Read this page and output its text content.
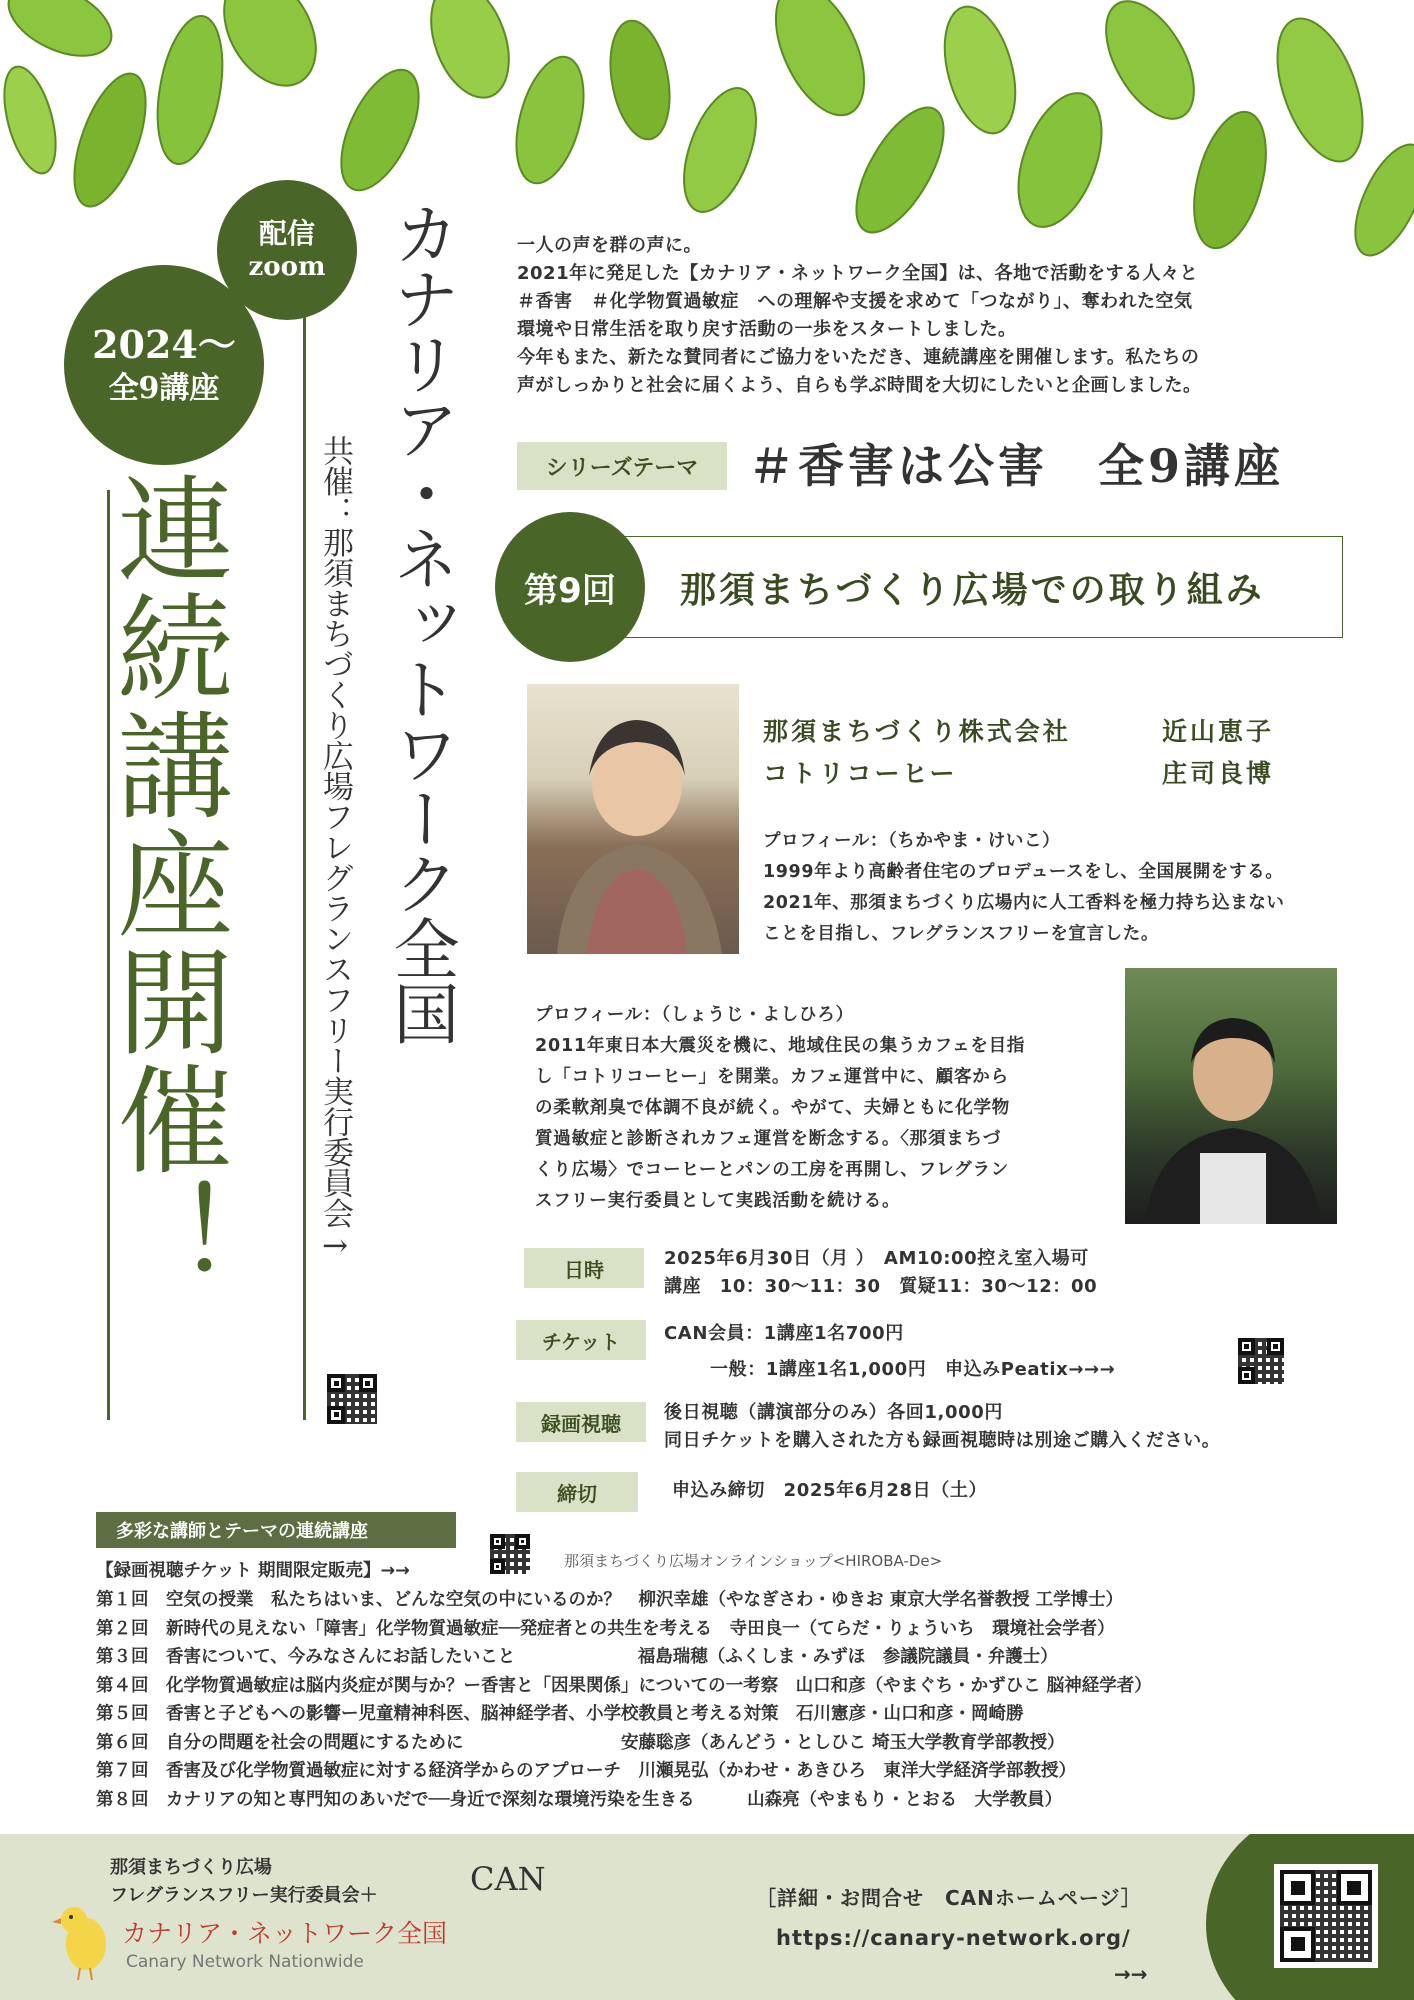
配信
zoom
2024〜
全9講座
連続講座開催！ カナリア・ネットワーク全国
共催：那須まちづくり広場フレグランスフリー実行委員会→

一人の声を群の声に。

2021年に発足した【カナリア・ネットワーク全国】は、各地で活動をする人々と

＃香害　＃化学物質過敏症　への理解や支援を求めて「つながり」、奪われた空気

環境や日常生活を取り戻す活動の一歩をスタートしました。

今年もまた、新たな賛同者にご協力をいただき、連続講座を開催します。私たちの

声がしっかりと社会に届くよう、自らも学ぶ時間を大切にしたいと企画しました。

シリーズテーマ	＃香害は公害　全9講座
第9回 那須まちづくり広場での取り組み
那須まちづくり株式会社	近山恵子
コトリコーヒー	庄司良博
プロフィール：（ちかやま・けいこ）
1999年より高齢者住宅のプロデュースをし、全国展開をする。
2021年、那須まちづくり広場内に人工香料を極力持ち込まない
ことを目指し、フレグランスフリーを宣言した。
プロフィール：（しょうじ・よしひろ）
2011年東日本大震災を機に、地域住民の集うカフェを目指
し「コトリコーヒー」を開業。カフェ運営中に、顧客から
の柔軟剤臭で体調不良が続く。やがて、夫婦ともに化学物
質過敏症と診断されカフェ運営を断念する。〈那須まちづ
くり広場〉でコーヒーとパンの工房を再開し、フレグラン
スフリー実行委員として実践活動を続ける。
日時	2025年6月30日（月 ）　AM10:00控え室入場可
講座　10：30〜11：30　質疑11：30〜12：00
チケット	CAN会員：1講座1名700円
一般：1講座1名1,000円　申込みPeatix→→→
録画視聴	後日視聴（講演部分のみ）各回1,000円
同日チケットを購入された方も録画視聴時は別途ご購入ください。
締切	申込み締切　2025年6月28日（土）
多彩な講師とテーマの連続講座
【録画視聴チケット 期間限定販売】→→	那須まちづくり広場オンラインショップ<HIROBA-De>
第１回　空気の授業　私たちはいま、どんな空気の中にいるのか？　柳沢幸雄（やなぎさわ・ゆきお 東京大学名誉教授 工学博士）
第２回　新時代の見えない「障害」化学物質過敏症──発症者との共生を考える　寺田良一（てらだ・りょういち　環境社会学者）
第３回　香害について、今みなさんにお話したいこと　　　　　　　福島瑞穂（ふくしま・みずほ　参議院議員・弁護士）
第４回　化学物質過敏症は脳内炎症が関与か？ー香害と「因果関係」についての一考察　山口和彦（やまぐち・かずひこ 脳神経学者）
第５回　香害と子どもへの影響ー児童精神科医、脳神経学者、小学校教員と考える対策　石川憲彦・山口和彦・岡崎勝
第６回　自分の問題を社会の問題にするために　　　　　　　　　安藤聡彦（あんどう・としひこ 埼玉大学教育学部教授）
第７回　香害及び化学物質過敏症に対する経済学からのアプローチ　川瀬晃弘（かわせ・あきひろ　東洋大学経済学部教授）
第８回　カナリアの知と専門知のあいだで──身近で深刻な環境汚染を生きる　　　山森亮（やまもり・とおる　大学教員）
那須まちづくり広場
フレグランスフリー実行委員会＋	CAN
カナリア・ネットワーク全国
Canary Network Nationwide
［詳細・お問合せ　CANホームページ］
https://canary-network.org/
→→
